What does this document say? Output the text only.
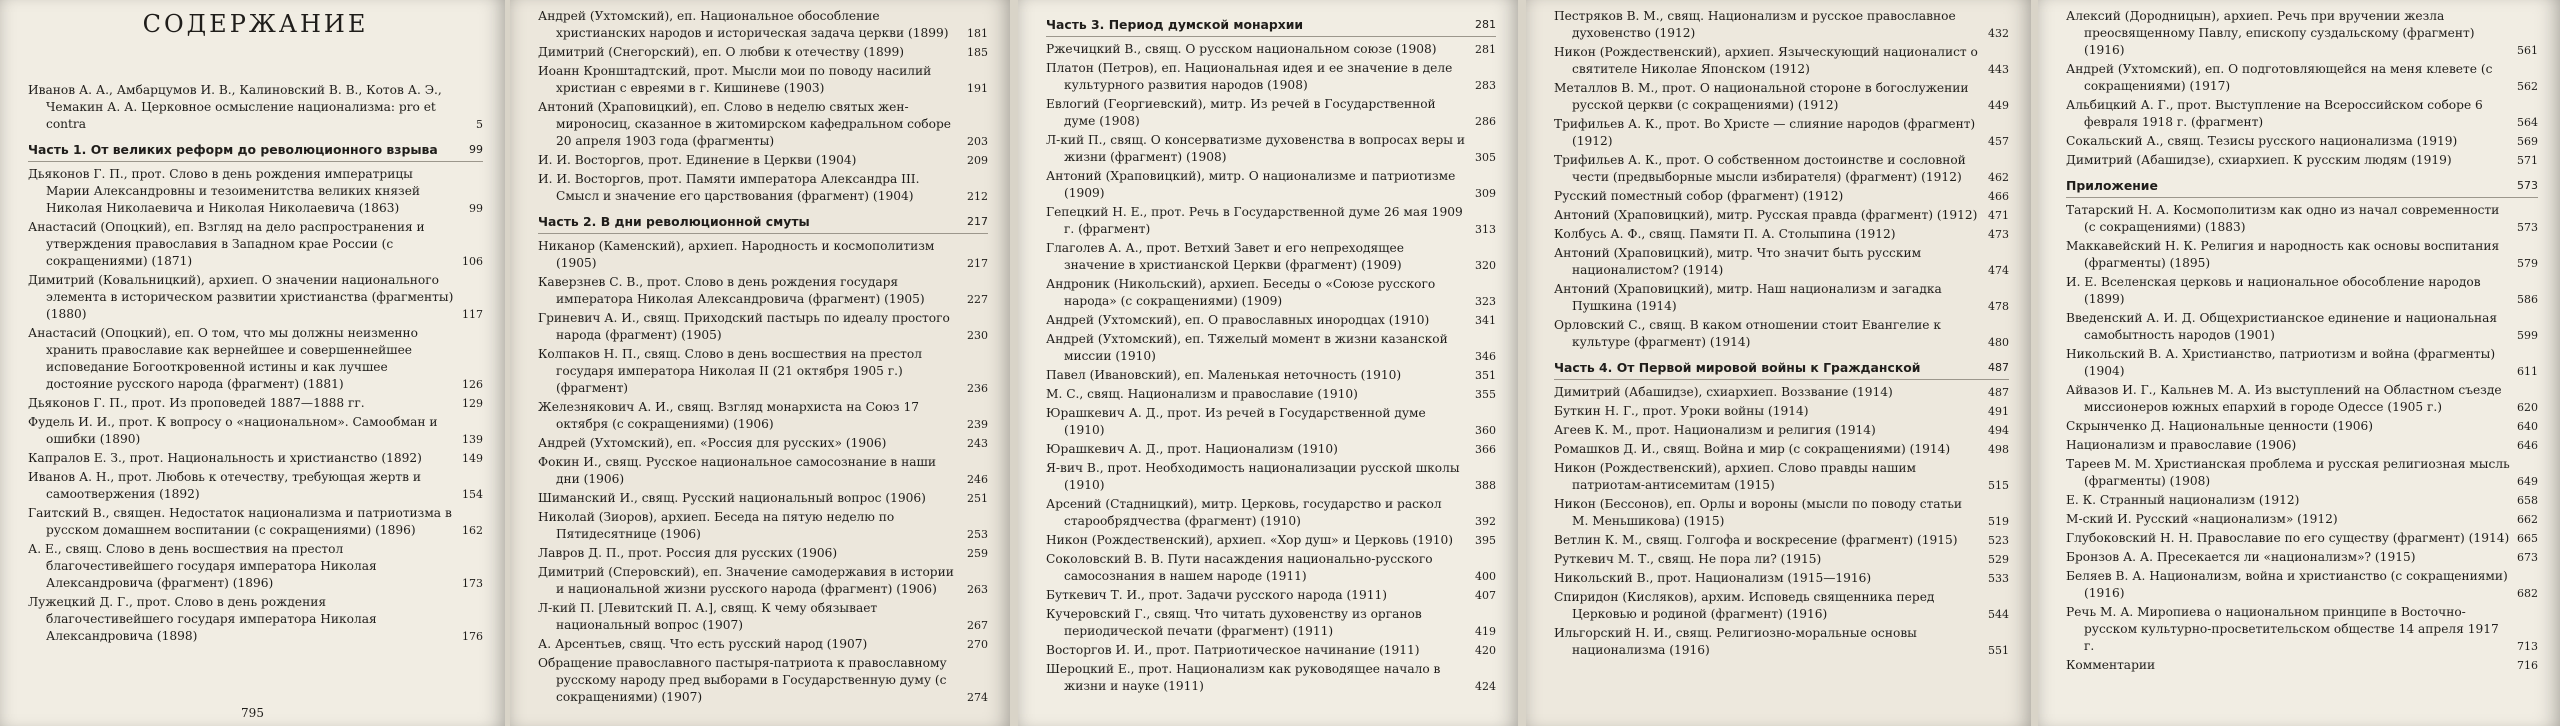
СОДЕРЖАНИЕ
Иванов А. А., Амбарцумов И. В., Калиновский В. В., Котов А. Э., Чемакин А. А. Церковное осмысление национализма: pro et contra	5
Часть 1. От великих реформ до революционного взрыва	99
Дьяконов Г. П., прот. Слово в день рождения императрицы Марии Александровны и тезоименитства великих князей Николая Николаевича и Николая Николаевича (1863)	99
Анастасий (Опоцкий), еп. Взгляд на дело распространения и утверждения православия в Западном крае России (с сокращениями) (1871)	106
Димитрий (Ковальницкий), архиеп. О значении национального элемента в историческом развитии христианства (фрагменты) (1880)	117
Анастасий (Опоцкий), еп. О том, что мы должны неизменно хранить православие как вернейшее и совершеннейшее исповедание Богооткровенной истины и как лучшее достояние русского народа (фрагмент) (1881)	126
Дьяконов Г. П., прот. Из проповедей 1887—1888 гг.	129
Фудель И. И., прот. К вопросу о «национальном». Самообман и ошибки (1890)	139
Капралов Е. З., прот. Национальность и христианство (1892)	149
Иванов А. Н., прот. Любовь к отечеству, требующая жертв и самоотвержения (1892)	154
Гаитский В., священ. Недостаток национализма и патриотизма в русском домашнем воспитании (с сокращениями) (1896)	162
А. Е., свящ. Слово в день восшествия на престол благочестивейшего государя императора Николая Александровича (фрагмент) (1896)	173
Лужецкий Д. Г., прот. Слово в день рождения благочестивейшего государя императора Николая Александровича (1898)	176
795
Андрей (Ухтомский), еп. Национальное обособление христианских народов и историческая задача церкви (1899)	181
Димитрий (Снегорский), еп. О любви к отечеству (1899)	185
Иоанн Кронштадтский, прот. Мысли мои по поводу насилий христиан с евреями в г. Кишиневе (1903)	191
Антоний (Храповицкий), еп. Слово в неделю святых жен-мироносиц, сказанное в житомирском кафедральном соборе 20 апреля 1903 года (фрагменты)	203
И. И. Восторгов, прот. Единение в Церкви (1904)	209
И. И. Восторгов, прот. Памяти императора Александра III. Смысл и значение его царствования (фрагмент) (1904)	212
Часть 2. В дни революционной смуты	217
Никанор (Каменский), архиеп. Народность и космополитизм (1905)	217
Каверзнев С. В., прот. Слово в день рождения государя императора Николая Александровича (фрагмент) (1905)	227
Гриневич А. И., свящ. Приходский пастырь по идеалу простого народа (фрагмент) (1905)	230
Колпаков Н. П., свящ. Слово в день восшествия на престол государя императора Николая II (21 октября 1905 г.) (фрагмент)	236
Железнякович А. И., свящ. Взгляд монархиста на Союз 17 октября (с сокращениями) (1906)	239
Андрей (Ухтомский), еп. «Россия для русских» (1906)	243
Фокин И., свящ. Русское национальное самосознание в наши дни (1906)	246
Шиманский И., свящ. Русский национальный вопрос (1906)	251
Николай (Зиоров), архиеп. Беседа на пятую неделю по Пятидесятнице (1906)	253
Лавров Д. П., прот. Россия для русских (1906)	259
Димитрий (Сперовский), еп. Значение самодержавия в истории и национальной жизни русского народа (фрагмент) (1906)	263
Л-кий П. [Левитский П. А.], свящ. К чему обязывает национальный вопрос (1907)	267
А. Арсентьев, свящ. Что есть русский народ (1907)	270
Обращение православного пастыря-патриота к православному русскому народу пред выборами в Государственную думу (с сокращениями) (1907)	274
Часть 3. Период думской монархии	281
Ржечицкий В., свящ. О русском национальном союзе (1908)	281
Платон (Петров), еп. Национальная идея и ее значение в деле культурного развития народов (1908)	283
Евлогий (Георгиевский), митр. Из речей в Государственной думе (1908)	286
Л-кий П., свящ. О консерватизме духовенства в вопросах веры и жизни (фрагмент) (1908)	305
Антоний (Храповицкий), митр. О национализме и патриотизме (1909)	309
Гепецкий Н. Е., прот. Речь в Государственной думе 26 мая 1909 г. (фрагмент)	313
Глаголев А. А., прот. Ветхий Завет и его непреходящее значение в христианской Церкви (фрагмент) (1909)	320
Андроник (Никольский), архиеп. Беседы о «Союзе русского народа» (с сокращениями) (1909)	323
Андрей (Ухтомский), еп. О православных инородцах (1910)	341
Андрей (Ухтомский), еп. Тяжелый момент в жизни казанской миссии (1910)	346
Павел (Ивановский), еп. Маленькая неточность (1910)	351
М. С., свящ. Национализм и православие (1910)	355
Юрашкевич А. Д., прот. Из речей в Государственной думе (1910)	360
Юрашкевич А. Д., прот. Национализм (1910)	366
Я-вич В., прот. Необходимость национализации русской школы (1910)	388
Арсений (Стадницкий), митр. Церковь, государство и раскол старообрядчества (фрагмент) (1910)	392
Никон (Рождественский), архиеп. «Хор душ» и Церковь (1910)	395
Соколовский В. В. Пути насаждения национально-русского самосознания в нашем народе (1911)	400
Буткевич Т. И., прот. Задачи русского народа (1911)	407
Кучеровский Г., свящ. Что читать духовенству из органов периодической печати (фрагмент) (1911)	419
Восторгов И. И., прот. Патриотическое начинание (1911)	420
Шероцкий Е., прот. Национализм как руководящее начало в жизни и науке (1911)	424
Пестряков В. М., свящ. Национализм и русское православное духовенство (1912)	432
Никон (Рождественский), архиеп. Языческующий националист о святителе Николае Японском (1912)	443
Металлов В. М., прот. О национальной стороне в богослужении русской церкви (с сокращениями) (1912)	449
Трифильев А. К., прот. Во Христе — слияние народов (фрагмент) (1912)	457
Трифильев А. К., прот. О собственном достоинстве и сословной чести (предвыборные мысли избирателя) (фрагмент) (1912)	462
Русский поместный собор (фрагмент) (1912)	466
Антоний (Храповицкий), митр. Русская правда (фрагмент) (1912) 471
Колбусь А. Ф., свящ. Памяти П. А. Столыпина (1912)	473
Антоний (Храповицкий), митр. Что значит быть русским националистом? (1914)	474
Антоний (Храповицкий), митр. Наш национализм и загадка Пушкина (1914)	478
Орловский С., свящ. В каком отношении стоит Евангелие к культуре (фрагмент) (1914)	480
Часть 4. От Первой мировой войны к Гражданской	487
Димитрий (Абашидзе), схиархиеп. Воззвание (1914)	487
Буткин Н. Г., прот. Уроки войны (1914)	491
Агеев К. М., прот. Национализм и религия (1914)	494
Ромашков Д. И., свящ. Война и мир (с сокращениями) (1914)	498
Никон (Рождественский), архиеп. Слово правды нашим патриотам-антисемитам (1915)	515
Никон (Бессонов), еп. Орлы и вороны (мысли по поводу статьи М. Меньшикова) (1915)	519
Ветлин К. М., свящ. Голгофа и воскресение (фрагмент) (1915)	523
Руткевич М. Т., свящ. Не пора ли? (1915)	529
Никольский В., прот. Национализм (1915—1916)	533
Спиридон (Кисляков), архим. Исповедь священника перед Церковью и родиной (фрагмент) (1916)	544
Ильгорский Н. И., свящ. Религиозно-моральные основы национализма (1916)	551
Алексий (Дородницын), архиеп. Речь при вручении жезла преосвященному Павлу, епископу суздальскому (фрагмент) (1916)	561
Андрей (Ухтомский), еп. О подготовляющейся на меня клевете (с сокращениями) (1917)	562
Альбицкий А. Г., прот. Выступление на Всероссийском соборе 6 февраля 1918 г. (фрагмент)	564
Сокальский А., свящ. Тезисы русского национализма (1919)	569
Димитрий (Абашидзе), схиархиеп. К русским людям (1919)	571
Приложение	573
Татарский Н. А. Космополитизм как одно из начал современности (с сокращениями) (1883)	573
Маккавейский Н. К. Религия и народность как основы воспитания (фрагменты) (1895)	579
И. Е. Вселенская церковь и национальное обособление народов (1899)	586
Введенский А. И. Д. Общехристианское единение и национальная самобытность народов (1901)	599
Никольский В. А. Христианство, патриотизм и война (фрагменты) (1904)	611
Айвазов И. Г., Кальнев М. А. Из выступлений на Областном съезде миссионеров южных епархий в городе Одессе (1905 г.)	620
Скрынченко Д. Национальные ценности (1906)	640
Национализм и православие (1906)	646
Тареев М. М. Христианская проблема и русская религиозная мысль (фрагменты) (1908)	649
Е. К. Странный национализм (1912)	658
М-ский И. Русский «национализм» (1912)	662
Глубоковский Н. Н. Православие по его существу (фрагмент) (1914) 665
Бронзов А. А. Пресекается ли «национализм»? (1915)	673
Беляев В. А. Национализм, война и христианство (с сокращениями) (1916)	682
Речь М. А. Миропиева о национальном принципе в Восточно-русском культурно-просветительском обществе 14 апреля 1917 г.	713
Комментарии	716
